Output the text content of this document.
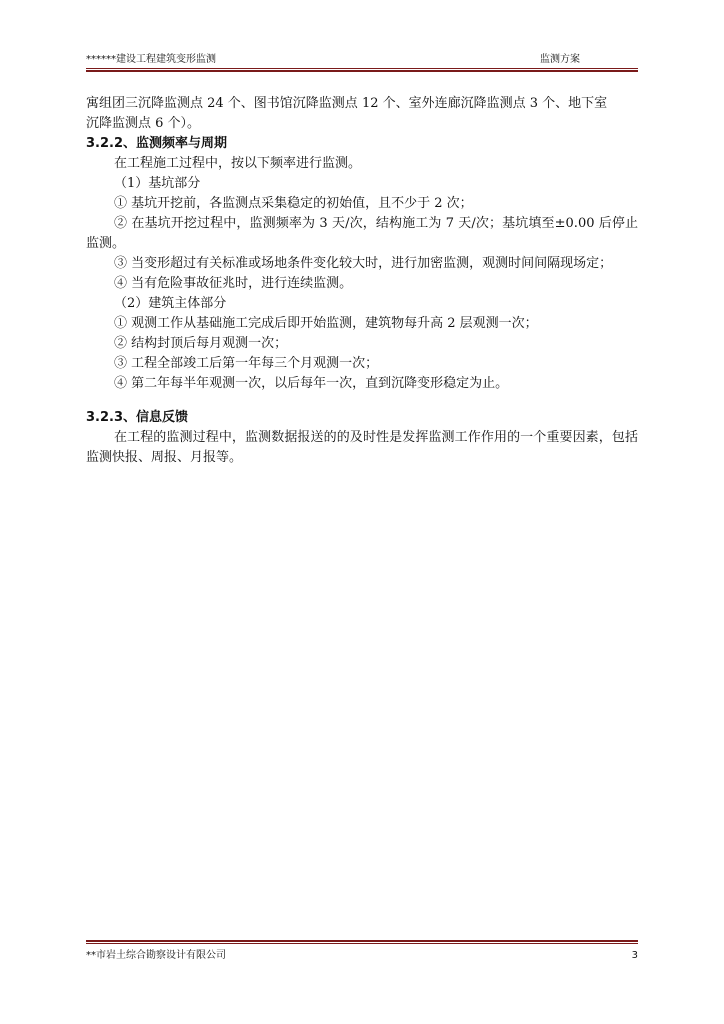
******建设工程建筑变形监测	监测方案

寓组团三沉降监测点 24 个、图书馆沉降监测点 12 个、室外连廊沉降监测点 3 个、地下室

沉降监测点 6 个）。

3.2.2、监测频率与周期

在工程施工过程中，按以下频率进行监测。

（1）基坑部分

① 基坑开挖前，各监测点采集稳定的初始值，且不少于 2 次；

② 在基坑开挖过程中，监测频率为 3 天/次，结构施工为 7 天/次；基坑填至±0.00 后停止监测。

③ 当变形超过有关标准或场地条件变化较大时，进行加密监测，观测时间间隔现场定；

④ 当有危险事故征兆时，进行连续监测。

（2）建筑主体部分

① 观测工作从基础施工完成后即开始监测，建筑物每升高 2 层观测一次；

② 结构封顶后每月观测一次；

③ 工程全部竣工后第一年每三个月观测一次；

④ 第二年每半年观测一次，以后每年一次，直到沉降变形稳定为止。

3.2.3、信息反馈

在工程的监测过程中，监测数据报送的的及时性是发挥监测工作作用的一个重要因素，包括监测快报、周报、月报等。

**市岩土综合勘察设计有限公司	3
